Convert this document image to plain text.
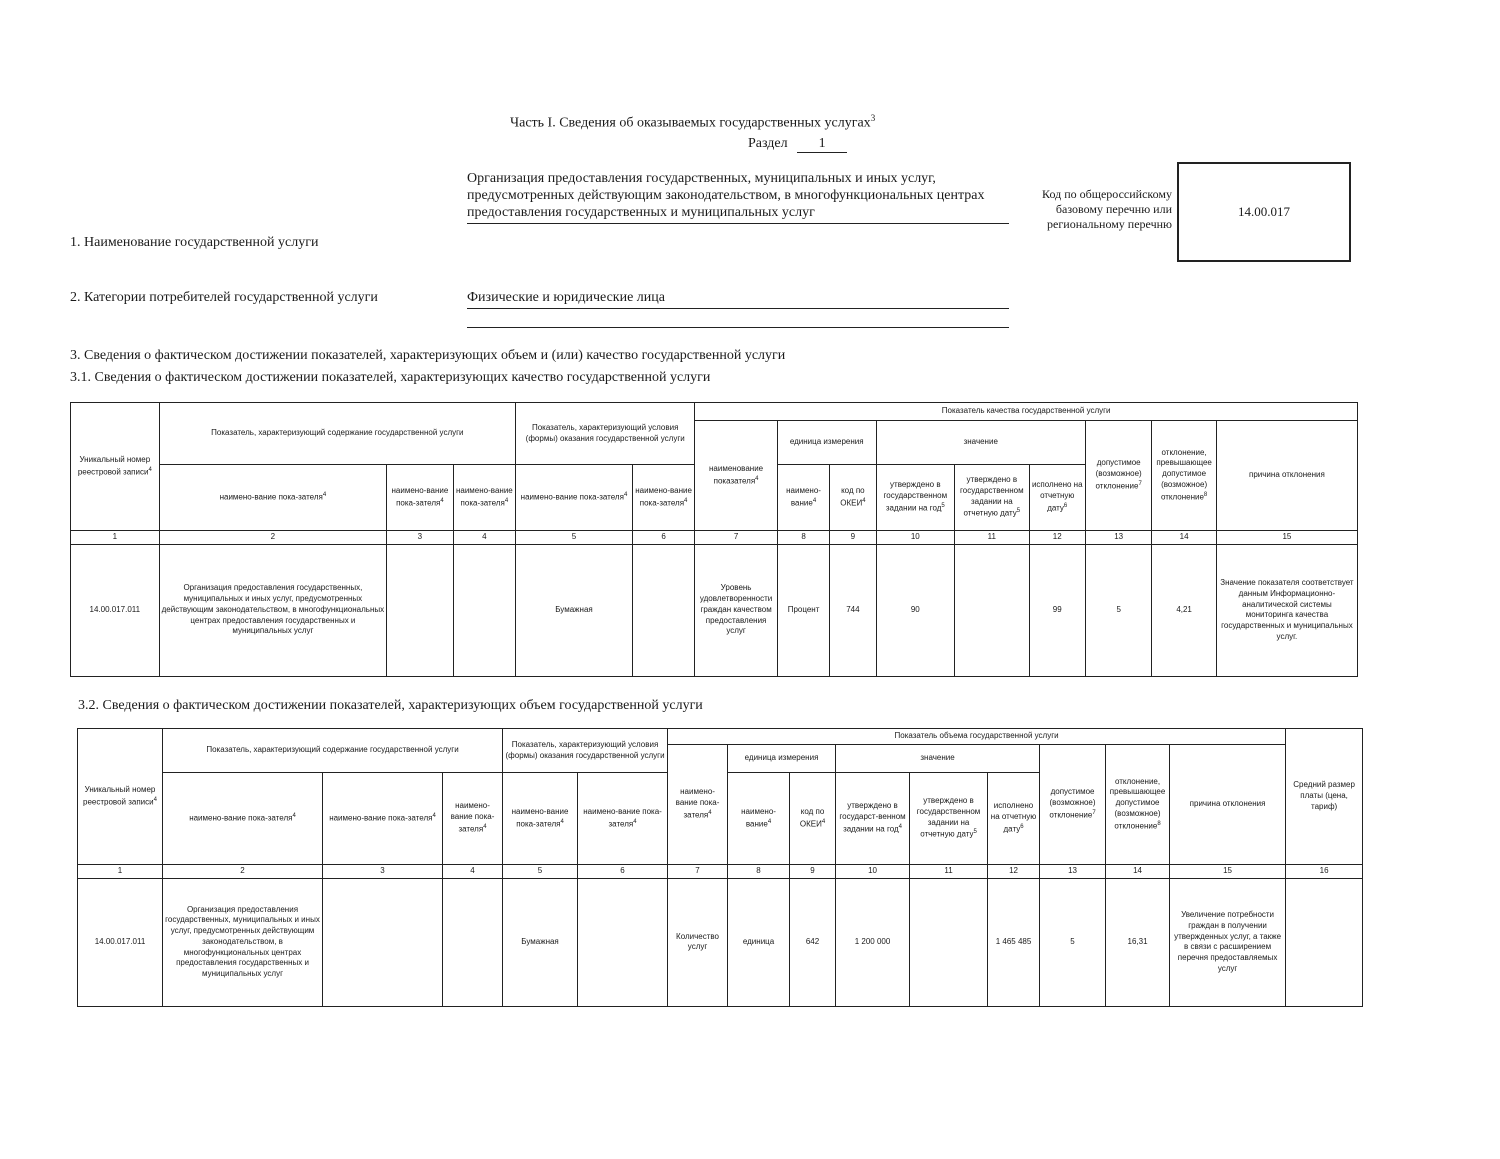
Часть I. Сведения об оказываемых государственных услугах$^3$
Раздел 1
Организация предоставления государственных, муниципальных и иных услуг, предусмотренных действующим законодательством, в многофункциональных центрах предоставления государственных и муниципальных услуг
1. Наименование государственной услуги
Код по общероссийскому базовому перечню или региональному перечню
14.00.017
2. Категории потребителей государственной услуги	Физические и юридические лица
3. Сведения о фактическом достижении показателей, характеризующих объем и (или) качество государственной услуги
3.1. Сведения о фактическом достижении показателей, характеризующих качество государственной услуги
Уникальный номер реестровой записи$^4$	Показатель, характеризующий содержание государственной услуги			Показатель, характеризующий условия (формы) оказания государственной услуги		Показатель качества государственной услуги								
						наименование показателя$^4$	единица измерения		значение			допустимое (возможное) отклонение$^7$	отклонение, превышающее допустимое (возможное) отклонение$^8$	причина отклонения
	наимено-вание пока-зателя$^4$	наимено-вание пока-зателя$^4$	наимено-вание пока-зателя$^4$	наимено-вание пока-зателя$^4$	наимено-вание пока-зателя$^4$		наимено-вание$^4$	код по ОКЕИ$^4$	утверждено в государственном задании на год$^5$	утверждено в государственном задании на отчетную дату$^5$	исполнено на отчетную дату$^6$
1	2	3	4	5	6	7	8	9	10	11	12	13	14	15
14.00.017.011	Организация предоставления государственных, муниципальных и иных услуг, предусмотренных действующим законодательством, в многофункциональных центрах предоставления государственных и муниципальных услуг			Бумажная		Уровень удовлетворенности граждан качеством предоставления услуг	Процент	744	90		99	5	4,21	Значение показателя соответствует данным Информационно-аналитической системы мониторинга качества государственных и муниципальных услуг.
3.2. Сведения о фактическом достижении показателей, характеризующих объем государственной услуги
Уникальный номер реестровой записи$^4$	Показатель, характеризующий содержание государственной услуги			Показатель, характеризующий условия (формы) оказания государственной услуги		Показатель объема государственной услуги									Средний размер платы (цена, тариф)
						наимено-вание пока-зателя$^4$	единица измерения		значение			допустимое (возможное) отклонение$^7$	отклонение, превышающее допустимое (возможное) отклонение$^8$	причина отклонения	
	наимено-вание пока-зателя$^4$	наимено-вание пока-зателя$^4$	наимено-вание пока-зателя$^4$	наимено-вание пока-зателя$^4$	наимено-вание пока-зателя$^4$		наимено-вание$^4$	код по ОКЕИ$^4$	утверждено в государст-венном задании на год$^4$	утверждено в государственном задании на отчетную дату$^5$	исполнено на отчетную дату$^6$
1	2	3	4	5	6	7	8	9	10	11	12	13	14	15	16
14.00.017.011	Организация предоставления государственных, муниципальных и иных услуг, предусмотренных действующим законодательством, в многофункциональных центрах предоставления государственных и муниципальных услуг			Бумажная		Количество услуг	единица	642	1 200 000		1 465 485	5	16,31	Увеличение потребности граждан в получении утвержденных услуг, а также в связи с расширением перечня предоставляемых услуг	
